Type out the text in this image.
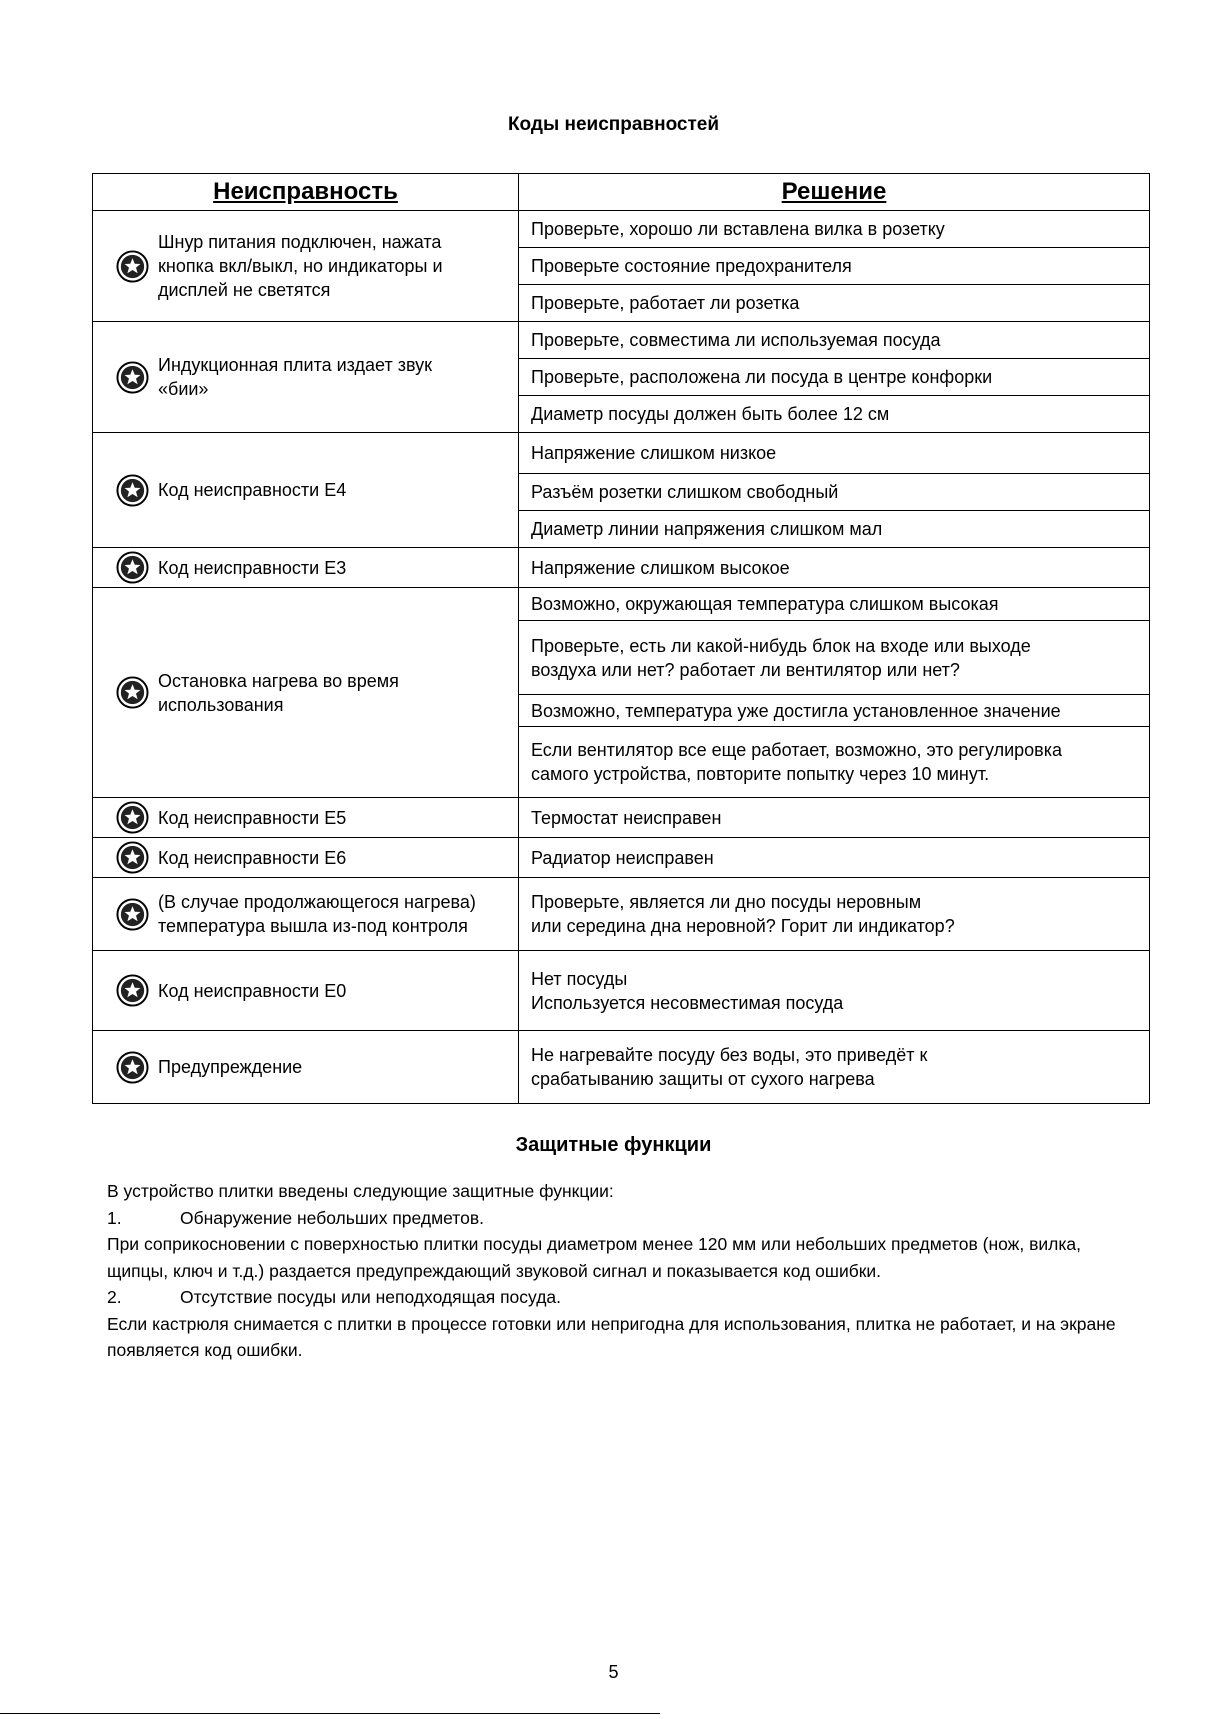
Коды неисправностей
Неисправность	Решение

Шнур питания подключен, нажата
кнопка вкл/выкл, но индикаторы и
дисплей не светятся	Проверьте, хорошо ли вставлена вилка в розетку
	Проверьте состояние предохранителя
	Проверьте, работает ли розетка

Индукционная плита издает звук
«бии»	Проверьте, совместима ли используемая посуда
	Проверьте, расположена ли посуда в центре конфорки
	Диаметр посуды должен быть более 12 см

Код неисправности E4	Напряжение слишком низкое
	Разъём розетки слишком свободный
	Диаметр линии напряжения слишком мал

Код неисправности E3	Напряжение слишком высокое

Остановка нагрева во время
использования	Возможно, окружающая температура слишком высокая
	Проверьте, есть ли какой-нибудь блок на входе или выходе
воздуха или нет? работает ли вентилятор или нет?
	Возможно, температура уже достигла установленное значение
	Если вентилятор все еще работает, возможно, это регулировка
самого устройства, повторите попытку через 10 минут.

Код неисправности E5	Термостат неисправен

Код неисправности E6	Радиатор неисправен

(В случае продолжающегося нагрева)
температура вышла из-под контроля	Проверьте, является ли дно посуды неровным
или середина дна неровной? Горит ли индикатор?

Код неисправности E0	Нет посуды
Используется несовместимая посуда

Предупреждение	Не нагревайте посуду без воды, это приведёт к
срабатыванию защиты от сухого нагрева
Защитные функции

В устройство плитки введены следующие защитные функции:

1.	Обнаружение небольших предметов.

При соприкосновении с поверхностью плитки посуды диаметром менее 120 мм или небольших предметов (нож, вилка, щипцы, ключ и т.д.) раздается предупреждающий звуковой сигнал и показывается код ошибки.

2.	Отсутствие посуды или неподходящая посуда.

Если кастрюля снимается с плитки в процессе готовки или непригодна для использования, плитка не работает, и на экране появляется код ошибки.

5
